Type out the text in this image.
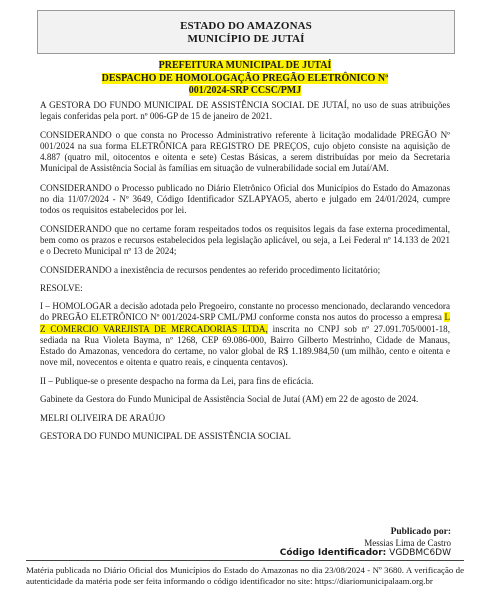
ESTADO DO AMAZONAS
MUNICÍPIO DE JUTAÍ
PREFEITURA MUNICIPAL DE JUTAÍ
DESPACHO DE HOMOLOGAÇÃO PREGÃO ELETRÔNICO Nº
001/2024-SRP CCSC/PMJ

A GESTORA DO FUNDO MUNICIPAL DE ASSISTÊNCIA SOCIAL DE JUTAÍ, no uso de suas atribuições legais conferidas pela port. nº 006-GP de 15 de janeiro de 2021.

CONSIDERANDO o que consta no Processo Administrativo referente à licitação modalidade PREGÃO Nº 001/2024 na sua forma ELETRÔNICA para REGISTRO DE PREÇOS, cujo objeto consiste na aquisição de 4.887 (quatro mil, oitocentos e oitenta e sete) Cestas Básicas, a serem distribuídas por meio da Secretaria Municipal de Assistência Social às famílias em situação de vulnerabilidade social em Jutaí/AM.

CONSIDERANDO o Processo publicado no Diário Eletrônico Oficial dos Municípios do Estado do Amazonas no dia 11/07/2024 - Nº 3649, Código Identificador SZLAPYAO5, aberto e julgado em 24/01/2024, cumpre todos os requisitos estabelecidos por lei.

CONSIDERANDO que no certame foram respeitados todos os requisitos legais da fase externa procedimental, bem como os prazos e recursos estabelecidos pela legislação aplicável, ou seja, a Lei Federal nº 14.133 de 2021 e o Decreto Municipal nº 13 de 2024;

CONSIDERANDO a inexistência de recursos pendentes ao referido procedimento licitatório;

RESOLVE:

I – HOMOLOGAR a decisão adotada pelo Pregoeiro, constante no processo mencionado, declarando vencedora do PREGÃO ELETRÔNICO Nº 001/2024-SRP CML/PMJ conforme consta nos autos do processo a empresa L Z COMERCIO VAREJISTA DE MERCADORIAS LTDA, inscrita no CNPJ sob nº 27.091.705/0001-18, sediada na Rua Violeta Bayma, nº 1268, CEP 69.086-000, Bairro Gilberto Mestrinho, Cidade de Manaus, Estado do Amazonas, vencedora do certame, no valor global de R$ 1.189.984,50 (um milhão, cento e oitenta e nove mil, novecentos e oitenta e quatro reais, e cinquenta centavos).

II – Publique-se o presente despacho na forma da Lei, para fins de eficácia.

Gabinete da Gestora do Fundo Municipal de Assistência Social de Jutaí (AM) em 22 de agosto de 2024.

MELRI OLIVEIRA DE ARAÚJO

GESTORA DO FUNDO MUNICIPAL DE ASSISTÊNCIA SOCIAL

Publicado por:
Messias Lima de Castro
Código Identificador: VGDBMC6DW
Matéria publicada no Diário Oficial dos Municípios do Estado do Amazonas no dia 23/08/2024 - Nº 3680. A verificação de autenticidade da matéria pode ser feita informando o código identificador no site: https://diariomunicipalaam.org.br
